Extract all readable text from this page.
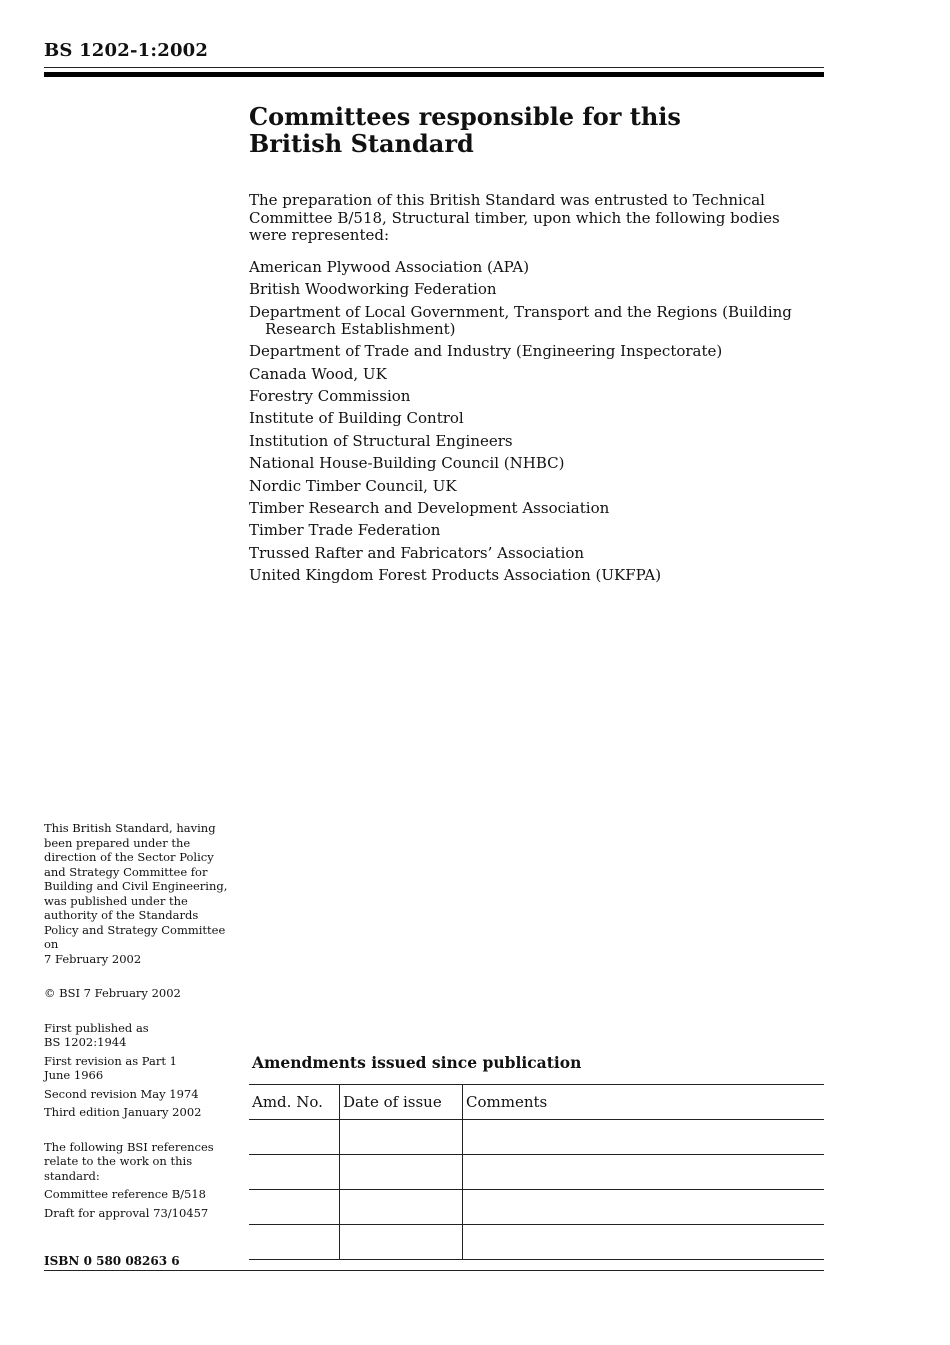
BS 1202-1:2002
Committees responsible for this
British Standard
The preparation of this British Standard was entrusted to Technical Committee B/518, Structural timber, upon which the following bodies were represented:
American Plywood Association (APA)
British Woodworking Federation
Department of Local Government, Transport and the Regions (Building Research Establishment)
Department of Trade and Industry (Engineering Inspectorate)
Canada Wood, UK
Forestry Commission
Institute of Building Control
Institution of Structural Engineers
National House-Building Council (NHBC)
Nordic Timber Council, UK
Timber Research and Development Association
Timber Trade Federation
Trussed Rafter and Fabricators’ Association
United Kingdom Forest Products Association (UKFPA)

This British Standard, having been prepared under the direction of the Sector Policy and Strategy Committee for Building and Civil Engineering, was published under the authority of the Standards Policy and Strategy Committee on

7 February 2002

© BSI 7 February 2002

First published as
BS 1202:1944

First revision as Part 1
June 1966

Second revision May 1974

Third edition January 2002

The following BSI references relate to the work on this standard:

Committee reference B/518

Draft for approval 73/10457

ISBN 0 580 08263 6

Amendments issued since publication
Amd. No.	Date of issue	Comments
